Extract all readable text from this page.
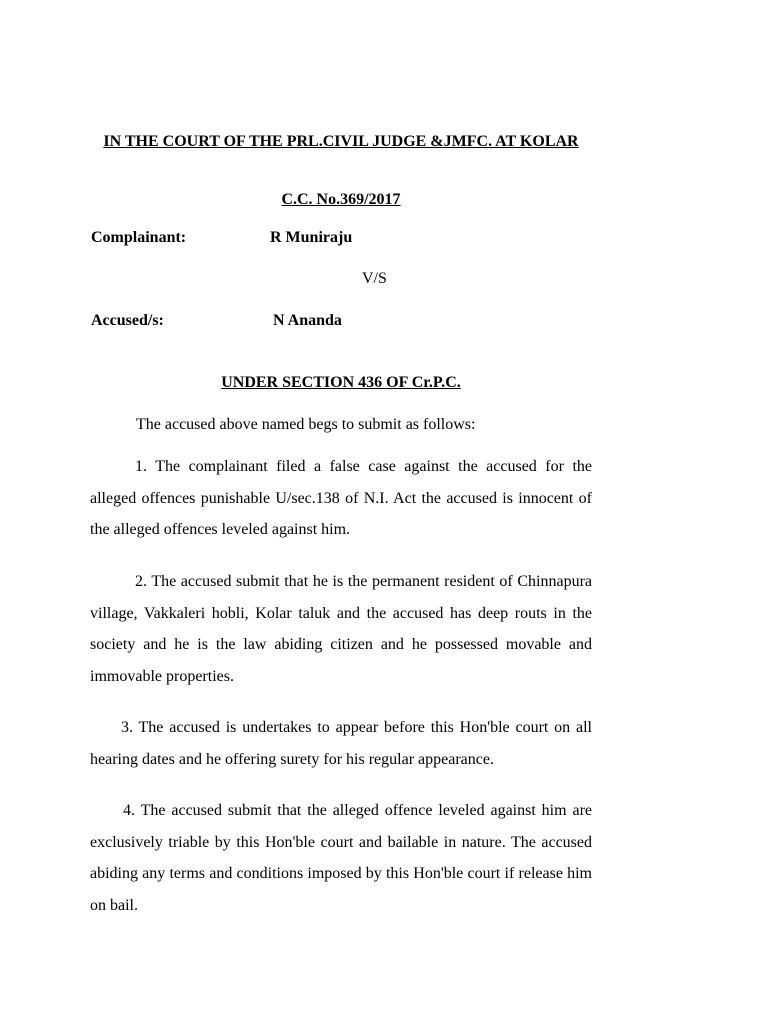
IN THE COURT OF THE PRL.CIVIL JUDGE &JMFC. AT KOLAR
C.C. No.369/2017
Complainant:	R Muniraju
V/S
Accused/s:	N Ananda
UNDER SECTION 436 OF Cr.P.C.
The accused above named begs to submit as follows:
1. The complainant filed a false case against the accused for the alleged offences punishable U/sec.138 of N.I. Act the accused is innocent of the alleged offences leveled against him.
2. The accused submit that he is the permanent resident of Chinnapura village, Vakkaleri hobli, Kolar taluk and the accused has deep routs in the society and he is the law abiding citizen and he possessed movable and immovable properties.
3. The accused is undertakes to appear before this Hon'ble court on all hearing dates and he offering surety for his regular appearance.
4. The accused submit that the alleged offence leveled against him are exclusively triable by this Hon'ble court and bailable in nature. The accused abiding any terms and conditions imposed by this Hon'ble court if release him on bail.
